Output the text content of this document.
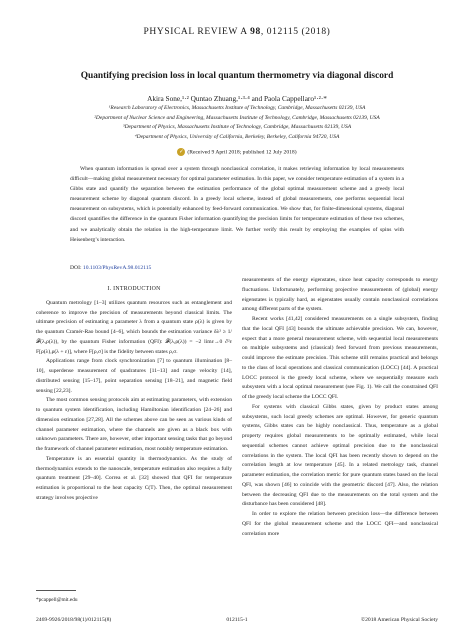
PHYSICAL REVIEW A 98, 012115 (2018)
Quantifying precision loss in local quantum thermometry via diagonal discord
Akira Sone,¹·² Quntao Zhuang,¹·³·⁴ and Paola Cappellaro¹·²·*
¹Research Laboratory of Electronics, Massachusetts Institute of Technology, Cambridge, Massachusetts 02139, USA
²Department of Nuclear Science and Engineering, Massachusetts Institute of Technology, Cambridge, Massachusetts 02139, USA
³Department of Physics, Massachusetts Institute of Technology, Cambridge, Massachusetts 02139, USA
⁴Department of Physics, University of California, Berkeley, Berkeley, California 94720, USA
✓ (Received 9 April 2018; published 12 July 2018)
When quantum information is spread over a system through nonclassical correlation, it makes retrieving information by local measurements difficult—making global measurement necessary for optimal parameter estimation. In this paper, we consider temperature estimation of a system in a Gibbs state and quantify the separation between the estimation performance of the global optimal measurement scheme and a greedy local measurement scheme by diagonal quantum discord. In a greedy local scheme, instead of global measurements, one performs sequential local measurement on subsystems, which is potentially enhanced by feed-forward communication. We show that, for finite-dimensional systems, diagonal discord quantifies the difference in the quantum Fisher information quantifying the precision limits for temperature estimation of these two schemes, and we analytically obtain the relation in the high-temperature limit. We further verify this result by employing the examples of spins with Heisenberg’s interaction.
DOI: 10.1103/PhysRevA.98.012115
I. INTRODUCTION

Quantum metrology [1–3] utilizes quantum resources such as entanglement and coherence to improve the precision of measurements beyond classical limits. The ultimate precision of estimating a parameter λ from a quantum state ρ(λ) is given by the quantum Cramér-Rao bound [4–6], which bounds the estimation variance δλ² ≥ 1/𝓕(λ,ρ(λ)), by the quantum Fisher information (QFI): 𝓕(λ,ρ(λ)) = −2 limε→0 ∂²ε F[ρ(λ),ρ(λ + ε)], where F[ρ,σ] is the fidelity between states ρ,σ.

Applications range from clock synchronization [7] to quantum illumination [8–10], superdense measurement of quadratures [11–13] and range velocity [14], distributed sensing [15–17], point separation sensing [18–21], and magnetic field sensing [22,23].

The most common sensing protocols aim at estimating parameters, with extension to quantum system identification, including Hamiltonian identification [24–26] and dimension estimation [27,28]. All the schemes above can be seen as various kinds of channel parameter estimation, where the channels are given as a black box with unknown parameters. There are, however, other important sensing tasks that go beyond the framework of channel parameter estimation, most notably temperature estimation.

Temperature is an essential quantity in thermodynamics. As the study of thermodynamics extends to the nanoscale, temperature estimation also requires a fully quantum treatment [29–40]. Correa et al. [32] showed that QFI for temperature estimation is proportional to the heat capacity C(T). Then, the optimal measurement strategy involves projective

measurements of the energy eigenstates, since heat capacity corresponds to energy fluctuations. Unfortunately, performing projective measurements of (global) energy eigenstates is typically hard, as eigenstates usually contain nonclassical correlations among different parts of the system.

Recent works [41,42] considered measurements on a single subsystem, finding that the local QFI [43] bounds the ultimate achievable precision. We can, however, expect that a more general measurement scheme, with sequential local measurements on multiple subsystems and (classical) feed forward from previous measurements, could improve the estimate precision. This scheme still remains practical and belongs to the class of local operations and classical communication (LOCC) [44]. A practical LOCC protocol is the greedy local scheme, where we sequentially measure each subsystem with a local optimal measurement (see Fig. 1). We call the constrained QFI of the greedy local scheme the LOCC QFI.

For systems with classical Gibbs states, given by product states among subsystems, such local greedy schemes are optimal. However, for generic quantum systems, Gibbs states can be highly nonclassical. Thus, temperature as a global property requires global measurements to be optimally estimated, while local sequential schemes cannot achieve optimal precision due to the nonclassical correlations in the system. The local QFI has been recently shown to depend on the correlation length at low temperature [45]. In a related metrology task, channel parameter estimation, the correlation metric for pure quantum states based on the local QFI, was shown [46] to coincide with the geometric discord [47]. Also, the relation between the decreasing QFI due to the measurements on the total system and the disturbance has been considered [48].

In order to explore the relation between precision loss—the difference between QFI for the global measurement scheme and the LOCC QFI—and nonclassical correlation more

*pcappell@mit.edu
2469-9926/2018/98(1)/012115(8)	012115-1	©2018 American Physical Society
